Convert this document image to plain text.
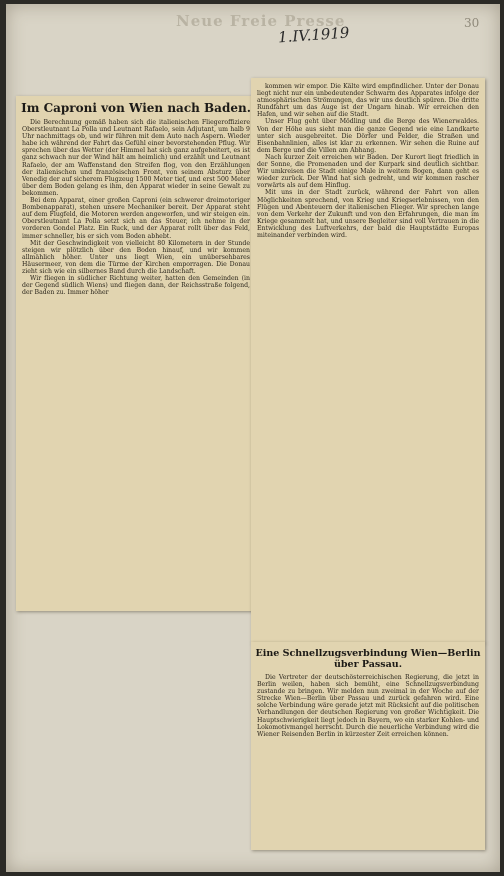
Neue Freie Presse
1.IV.1919
30
Im Caproni von Wien nach Baden.

Die Berechnung gemäß haben sich die italienischen Fliegeroffiziere Oberstleutnant La Polla und Leutnant Rafaelo, sein Adjutant, um halb 9 Uhr nachmittags ob, und wir führen mit dem Auto nach Aspern. Wieder habe ich während der Fahrt das Gefühl einer bevorstehenden Pflug. Wir sprechen über das Wetter (der Himmel hat sich ganz aufgeheitert, es ist ganz schwach nur der Wind hält am heimlich) und erzählt und Leutnant Rafaelo, der am Waffenstand den Streifen flog, von den Erzählungen der italienischen und französischen Front, von seinem Absturz über Venedig der auf sicherem Flugzeug 1500 Meter tief, und erst 500 Meter über dem Boden gelang es ihm, den Apparat wieder in seine Gewalt zu bekommen.

Bei dem Apparat, einer großen Caproni (ein schwerer dreimotoriger Bombenapparat), stehen unsere Mechaniker bereit. Der Apparat steht auf dem Flugfeld, die Motoren werden angeworfen, und wir steigen ein. Oberstleutnant La Polla setzt sich an das Steuer, ich nehme in der vorderen Gondel Platz. Ein Ruck, und der Apparat rollt über das Feld, immer schneller, bis er sich vom Boden abhebt.

Mit der Geschwindigkeit von vielleicht 80 Kilometern in der Stunde steigen wir plötzlich über den Boden hinauf, und wir kommen allmählich höher. Unter uns liegt Wien, ein unübersehbares Häusermeer, von dem die Türme der Kirchen emporragen. Die Donau zieht sich wie ein silbernes Band durch die Landschaft.

Wir fliegen in südlicher Richtung weiter, hatten den Gemeinden (in der Gegend südlich Wiens) und fliegen dann, der Reichsstraße folgend, der Baden zu. Immer höher

kommen wir empor. Die Kälte wird empfindlicher. Unter der Donau liegt nicht nur ein unbedeutender Schwarm des Apparates infolge der atmosphärischen Strömungen, das wir uns deutlich spüren. Die dritte Rundfahrt um das Auge ist der Ungarn hinab. Wir erreichen den Hafen, und wir sehen auf die Stadt.

Unser Flug geht über Mödling und die Berge des Wienerwaldes. Von der Höhe aus sieht man die ganze Gegend wie eine Landkarte unter sich ausgebreitet. Die Dörfer und Felder, die Straßen und Eisenbahnlinien, alles ist klar zu erkennen. Wir sehen die Ruine auf dem Berge und die Villen am Abhang.

Nach kurzer Zeit erreichen wir Baden. Der Kurort liegt friedlich in der Sonne, die Promenaden und der Kurpark sind deutlich sichtbar. Wir umkreisen die Stadt einige Male in weitem Bogen, dann geht es wieder zurück. Der Wind hat sich gedreht, und wir kommen rascher vorwärts als auf dem Hinflug.

Mit uns in der Stadt zurück, während der Fahrt von allen Möglichkeiten sprechend, von Krieg und Kriegserlebnissen, von den Flügen und Abenteuern der italienischen Flieger. Wir sprechen lange von dem Verkehr der Zukunft und von den Erfahrungen, die man im Kriege gesammelt hat, und unsere Begleiter sind voll Vertrauen in die Entwicklung des Luftverkehrs, der bald die Hauptstädte Europas miteinander verbinden wird.

Eine Schnellzugsverbindung Wien—Berlin über Passau.

Die Vertreter der deutschösterreichischen Regierung, die jetzt in Berlin weilen, haben sich bemüht, eine Schnellzugsverbindung zustande zu bringen. Wir melden nun zweimal in der Woche auf der Strecke Wien—Berlin über Passau und zurück gefahren wird. Eine solche Verbindung wäre gerade jetzt mit Rücksicht auf die politischen Verhandlungen der deutschen Regierung von großer Wichtigkeit. Die Hauptschwierigkeit liegt jedoch in Bayern, wo ein starker Kohlen- und Lokomotivmangel herrscht. Durch die neuerliche Verbindung wird die Wiener Reisenden Berlin in kürzester Zeit erreichen können.
